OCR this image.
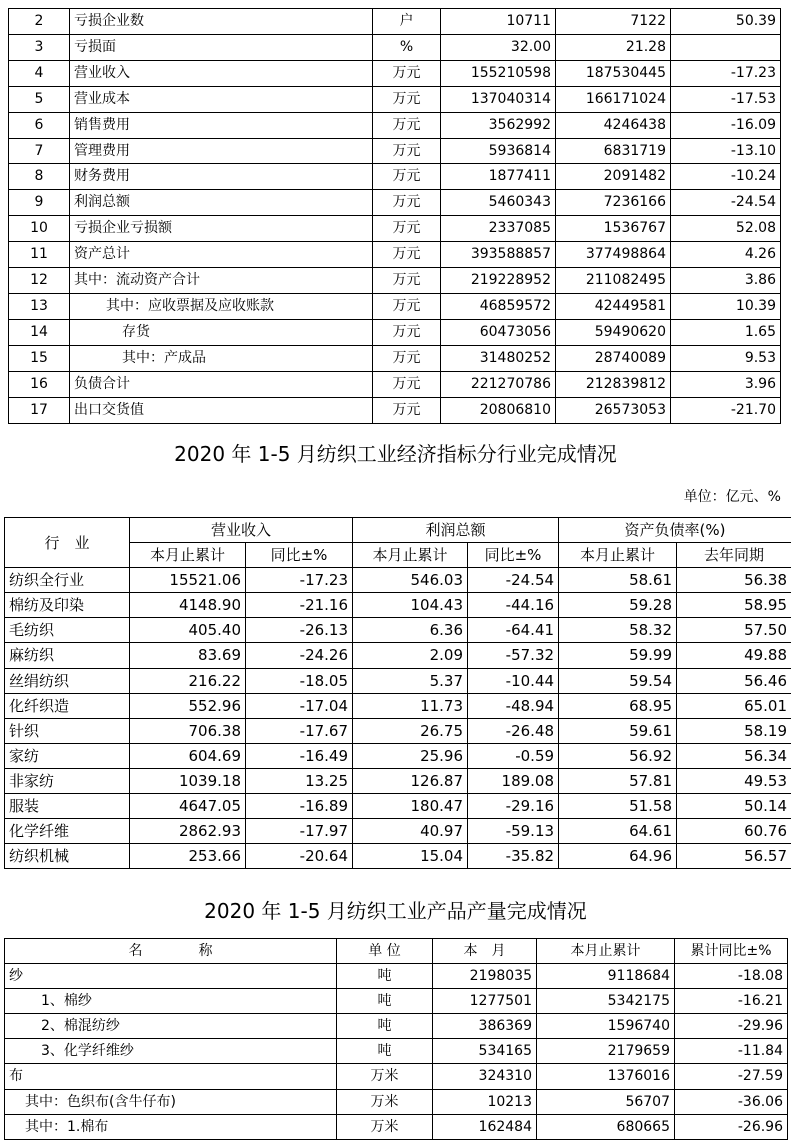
2	亏损企业数	户	10711	7122	50.39
3	亏损面	%	32.00	21.28	
4	营业收入	万元	155210598	187530445	-17.23
5	营业成本	万元	137040314	166171024	-17.53
6	销售费用	万元	3562992	4246438	-16.09
7	管理费用	万元	5936814	6831719	-13.10
8	财务费用	万元	1877411	2091482	-10.24
9	利润总额	万元	5460343	7236166	-24.54
10	亏损企业亏损额	万元	2337085	1536767	52.08
11	资产总计	万元	393588857	377498864	4.26
12	其中：流动资产合计	万元	219228952	211082495	3.86
13	其中：应收票据及应收账款	万元	46859572	42449581	10.39
14	存货	万元	60473056	59490620	1.65
15	其中：产成品	万元	31480252	28740089	9.53
16	负债合计	万元	221270786	212839812	3.96
17	出口交货值	万元	20806810	26573053	-21.70
2020 年 1-5 月纺织工业经济指标分行业完成情况
单位：亿元、%
行　业	营业收入		利润总额		资产负债率(%)	
	本月止累计	同比±%	本月止累计	同比±%	本月止累计	去年同期
纺织全行业	15521.06	-17.23	546.03	-24.54	58.61	56.38
棉纺及印染	4148.90	-21.16	104.43	-44.16	59.28	58.95
毛纺织	405.40	-26.13	6.36	-64.41	58.32	57.50
麻纺织	83.69	-24.26	2.09	-57.32	59.99	49.88
丝绢纺织	216.22	-18.05	5.37	-10.44	59.54	56.46
化纤织造	552.96	-17.04	11.73	-48.94	68.95	65.01
针织	706.38	-17.67	26.75	-26.48	59.61	58.19
家纺	604.69	-16.49	25.96	-0.59	56.92	56.34
非家纺	1039.18	13.25	126.87	189.08	57.81	49.53
服装	4647.05	-16.89	180.47	-29.16	51.58	50.14
化学纤维	2862.93	-17.97	40.97	-59.13	64.61	60.76
纺织机械	253.66	-20.64	15.04	-35.82	64.96	56.57
2020 年 1-5 月纺织工业产品产量完成情况
名　　　　称	单 位	本　月	本月止累计	累计同比±%
纱	吨	2198035	9118684	-18.08
1、棉纱	吨	1277501	5342175	-16.21
2、棉混纺纱	吨	386369	1596740	-29.96
3、化学纤维纱	吨	534165	2179659	-11.84
布	万米	324310	1376016	-27.59
其中：色织布(含牛仔布)	万米	10213	56707	-36.06
其中：1.棉布	万米	162484	680665	-26.96
